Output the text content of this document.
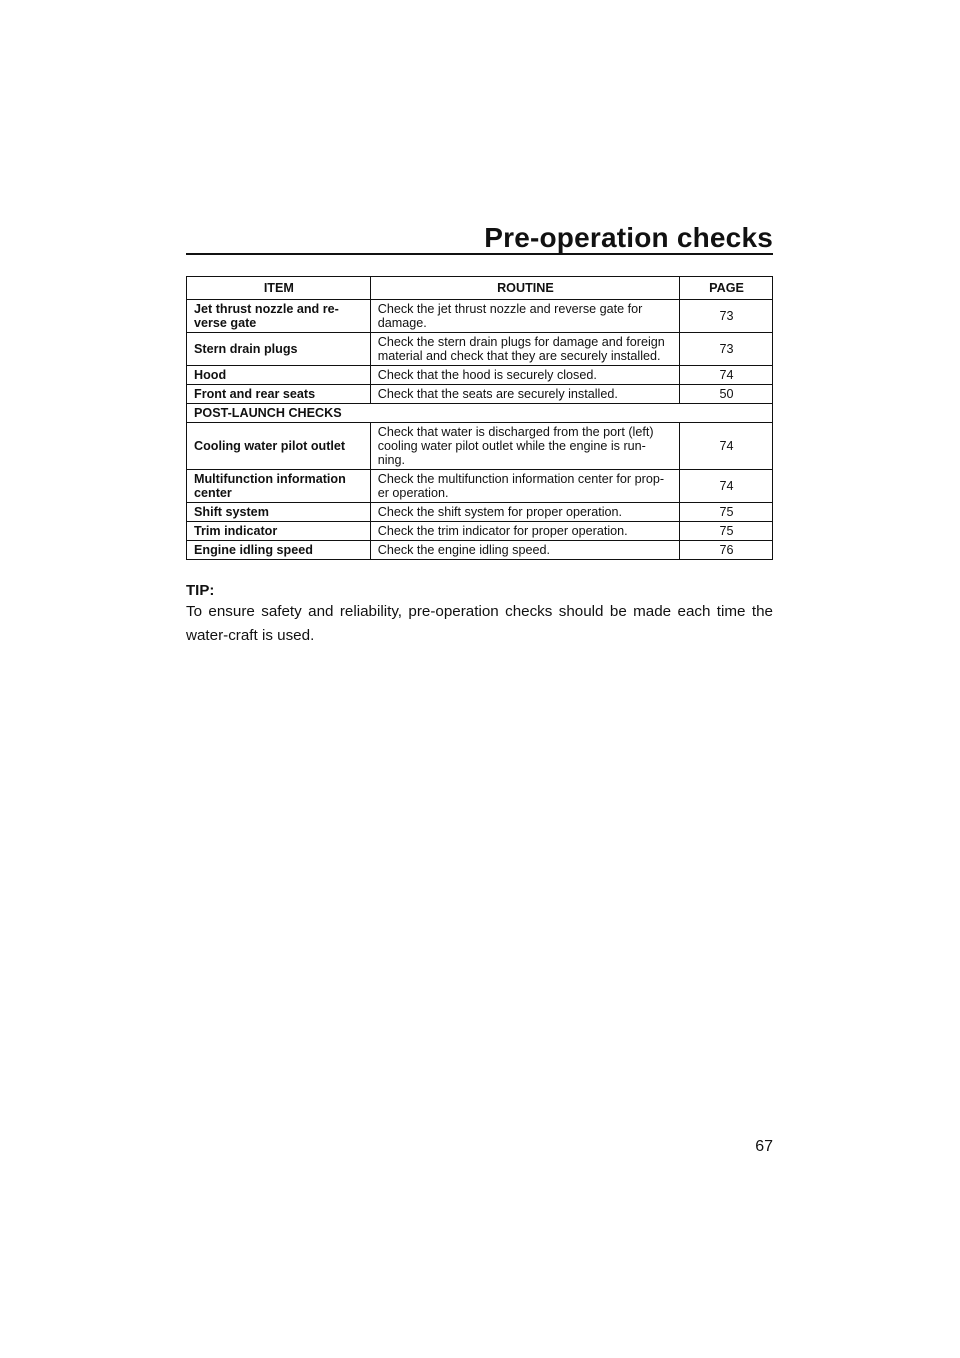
Pre-operation checks
ITEM	ROUTINE	PAGE
Jet thrust nozzle and re-verse gate	Check the jet thrust nozzle and reverse gate for damage.	73
Stern drain plugs	Check the stern drain plugs for damage and foreign material and check that they are securely installed.	73
Hood	Check that the hood is securely closed.	74
Front and rear seats	Check that the seats are securely installed.	50
POST-LAUNCH CHECKS		
Cooling water pilot outlet	Check that water is discharged from the port (left) cooling water pilot outlet while the engine is run-ning.	74
Multifunction information center	Check the multifunction information center for prop-er operation.	74
Shift system	Check the shift system for proper operation.	75
Trim indicator	Check the trim indicator for proper operation.	75
Engine idling speed	Check the engine idling speed.	76
TIP:
To ensure safety and reliability, pre-operation checks should be made each time the water-craft is used.
67
